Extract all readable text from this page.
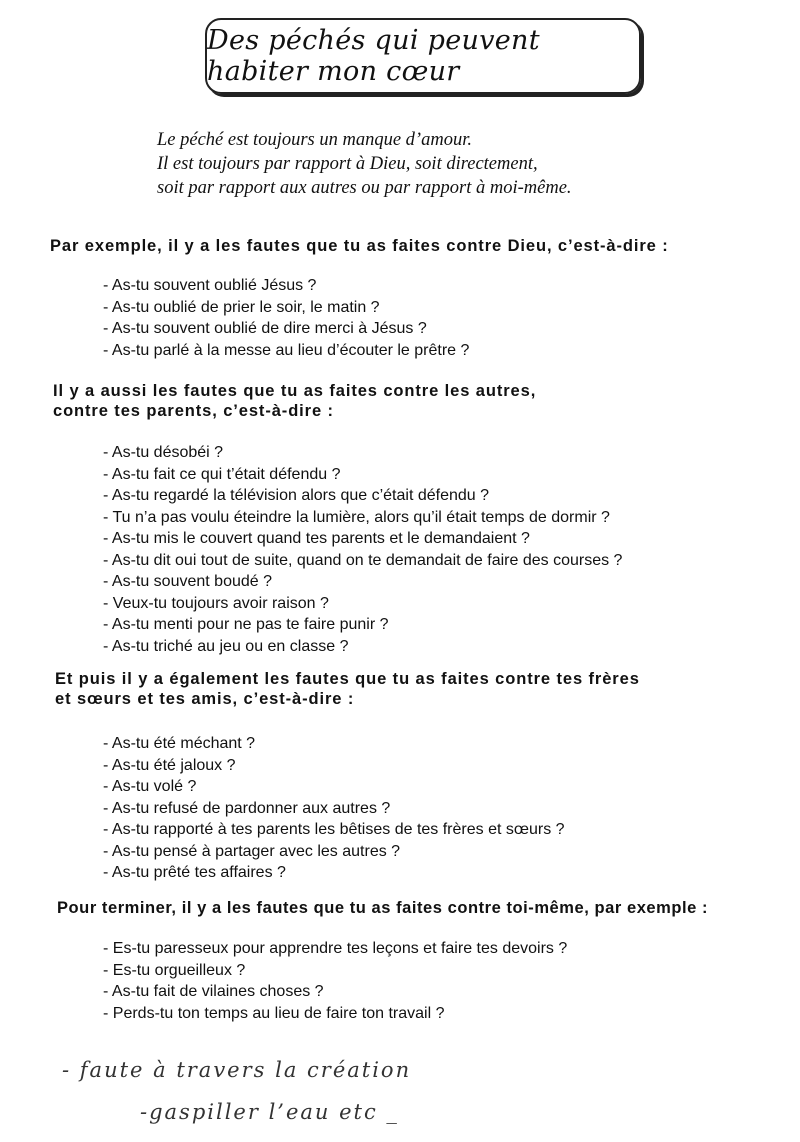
Des péchés qui peuvent habiter mon cœur
Le péché est toujours un manque d’amour.
Il est toujours par rapport à Dieu, soit directement,
soit par rapport aux autres ou par rapport à moi-même.
Par exemple, il y a les fautes que tu as faites contre Dieu, c’est-à-dire :
- As-tu souvent oublié Jésus ?
- As-tu oublié de prier le soir, le matin ?
- As-tu souvent oublié de dire merci à Jésus ?
- As-tu parlé à la messe au lieu d’écouter le prêtre ?
Il y a aussi les fautes que tu as faites contre les autres,
contre tes parents, c’est-à-dire :
- As-tu désobéi ?
- As-tu fait ce qui t’était défendu ?
- As-tu regardé la télévision alors que c’était défendu ?
- Tu n’a pas voulu éteindre la lumière, alors qu’il était temps de dormir ?
- As-tu mis le couvert quand tes parents et le demandaient ?
- As-tu dit oui tout de suite, quand on te demandait de faire des courses ?
- As-tu souvent boudé ?
- Veux-tu toujours avoir raison ?
- As-tu menti pour ne pas te faire punir ?
- As-tu triché au jeu ou en classe ?
Et puis il y a également les fautes que tu as faites contre tes frères
et sœurs et tes amis, c’est-à-dire :
- As-tu été méchant ?
- As-tu été jaloux ?
- As-tu volé ?
- As-tu refusé de pardonner aux autres ?
- As-tu rapporté à tes parents les bêtises de tes frères et sœurs ?
- As-tu pensé à partager avec les autres ?
- As-tu prêté tes affaires ?
Pour terminer, il y a les fautes que tu as faites contre toi-même, par exemple :
- Es-tu paresseux pour apprendre tes leçons et faire tes devoirs ?
- Es-tu orgueilleux ?
- As-tu fait de vilaines choses ?
- Perds-tu ton temps au lieu de faire ton travail ?
- faute à travers la création
-gaspiller l’eau etc _
